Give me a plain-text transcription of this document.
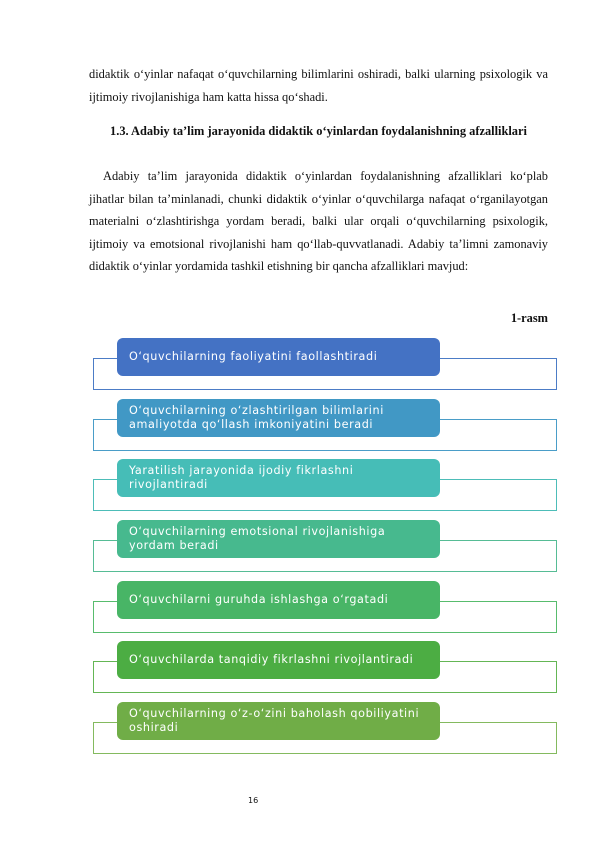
didaktik o‘yinlar nafaqat o‘quvchilarning bilimlarini oshiradi, balki ularning psixologik va ijtimoiy rivojlanishiga ham katta hissa qo‘shadi.

1.3. Adabiy ta’lim jarayonida didaktik o‘yinlardan foydalanishning afzalliklari

Adabiy ta’lim jarayonida didaktik o‘yinlardan foydalanishning afzalliklari ko‘plab jihatlar bilan ta’minlanadi, chunki didaktik o‘yinlar o‘quvchilarga nafaqat o‘rganilayotgan materialni o‘zlashtirishga yordam beradi, balki ular orqali o‘quvchilarning psixologik, ijtimoiy va emotsional rivojlanishi ham qo‘llab-quvvatlanadi. Adabiy ta’limni zamonaviy didaktik o‘yinlar yordamida tashkil etishning bir qancha afzalliklari mavjud:

1-rasm
O‘quvchilarning faoliyatini faollashtiradi
O‘quvchilarning o‘zlashtirilgan bilimlarini amaliyotda qo‘llash imkoniyatini beradi
Yaratilish jarayonida ijodiy fikrlashni rivojlantiradi
O‘quvchilarning emotsional rivojlanishiga yordam beradi
O‘quvchilarni guruhda ishlashga o‘rgatadi
O‘quvchilarda tanqidiy fikrlashni rivojlantiradi
O‘quvchilarning o‘z-o‘zini baholash qobiliyatini oshiradi
16
